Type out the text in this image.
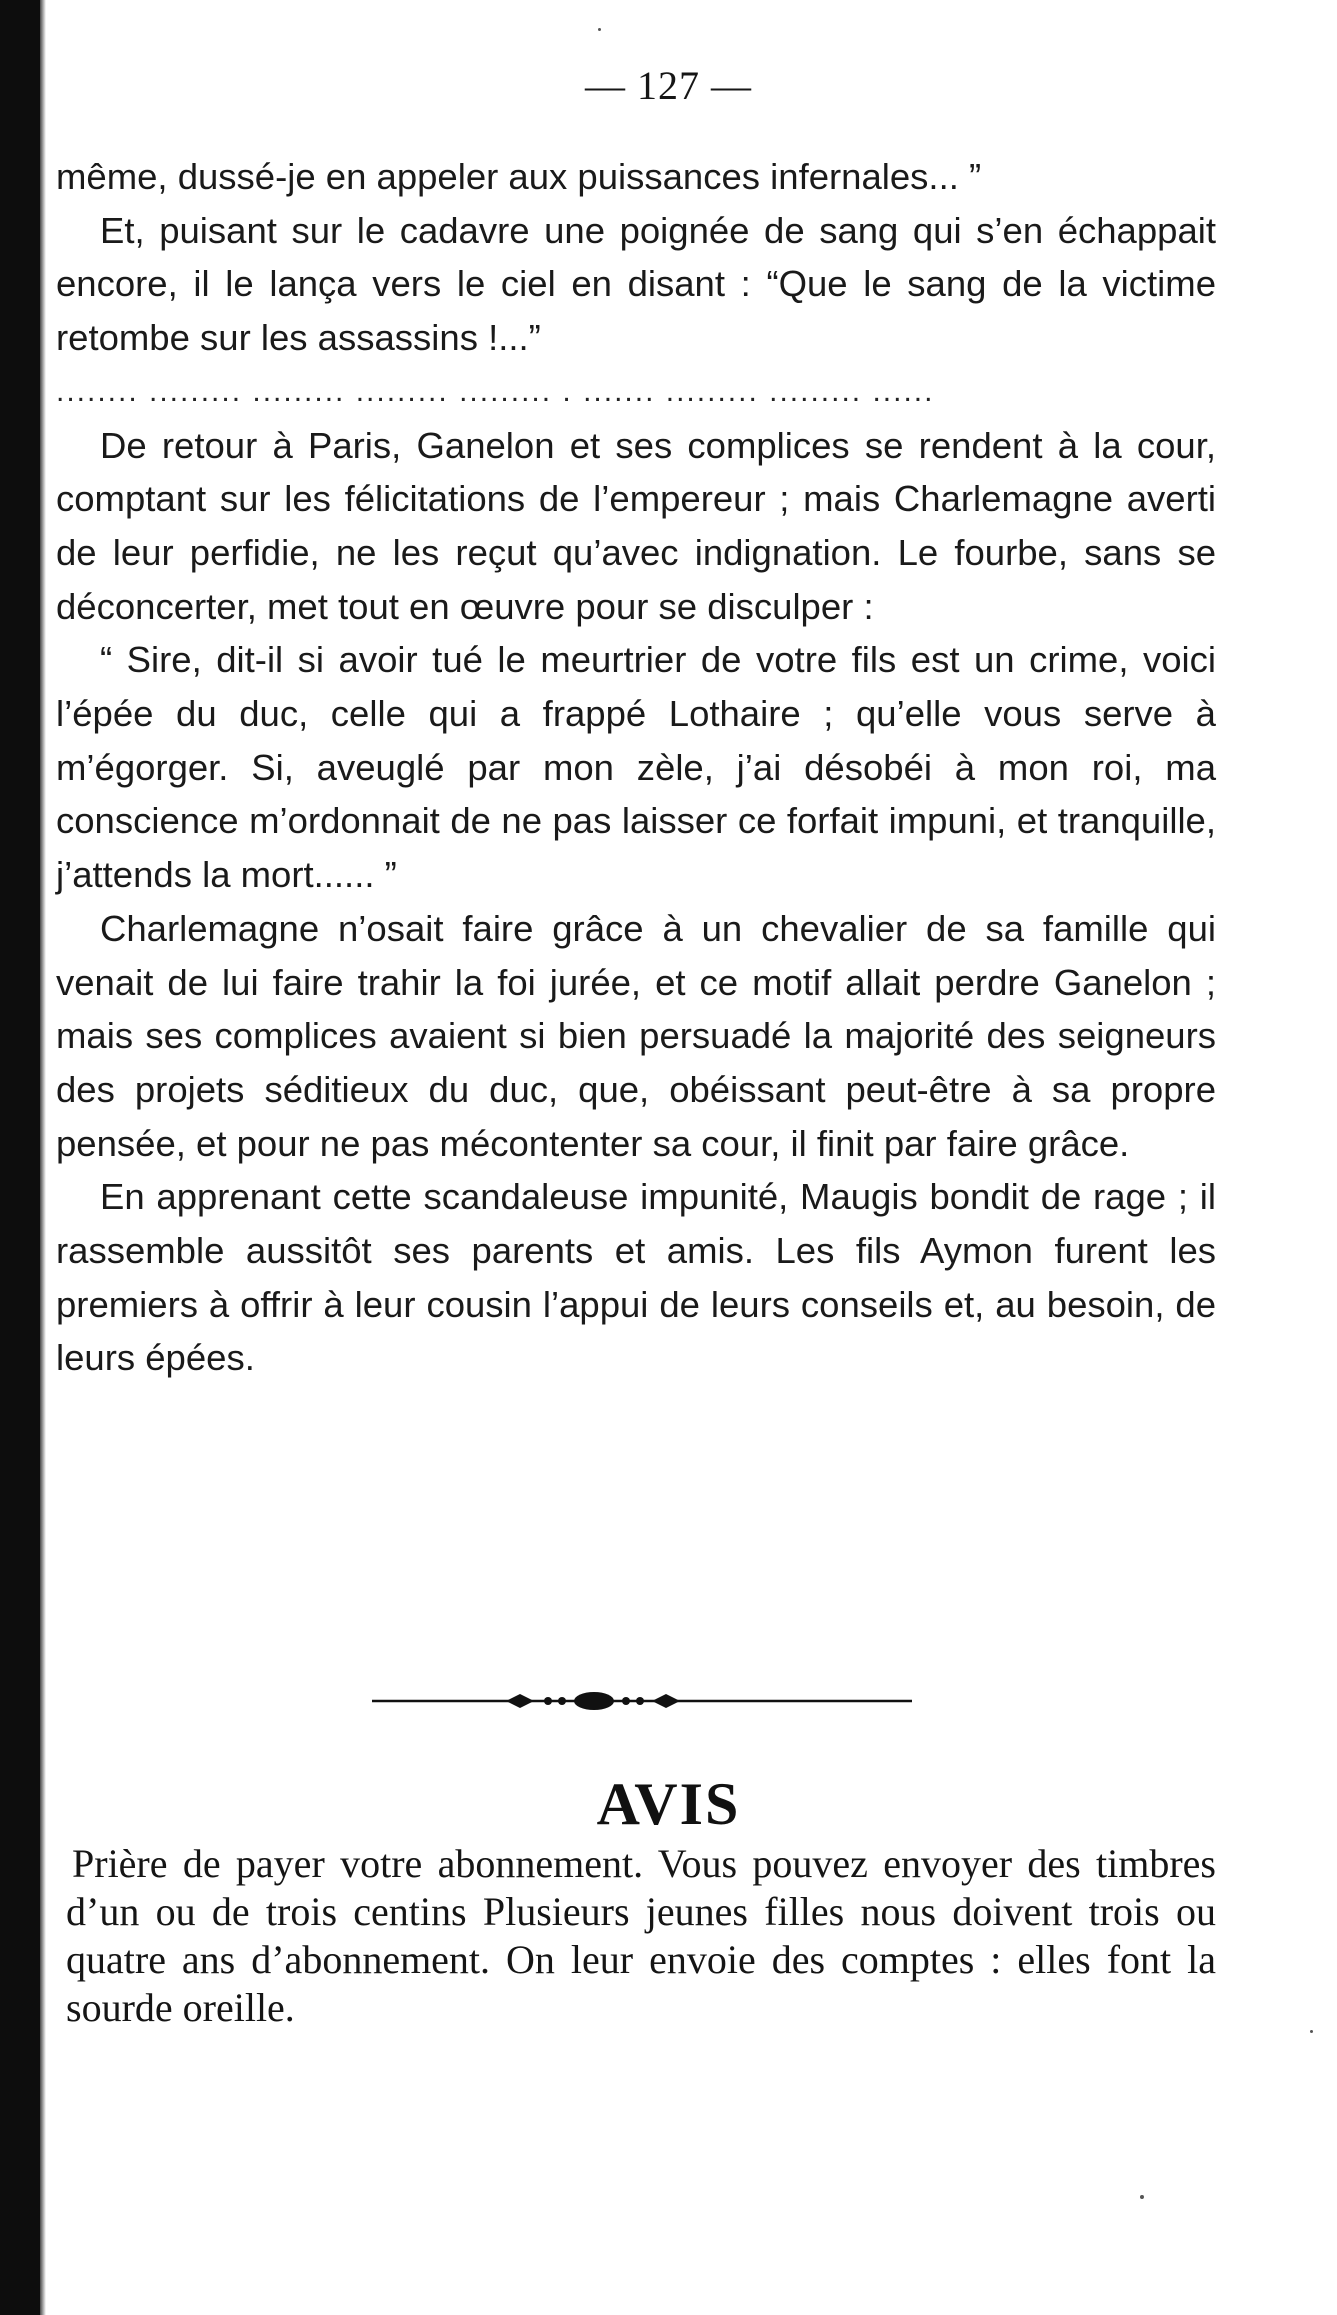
— 127 —

même, dussé-je en appeler aux puissances infernales... ”

Et, puisant sur le cadavre une poignée de sang qui s’en échappait encore, il le lança vers le ciel en disant : “Que le sang de la victime retombe sur les assassins !...”

........ ......... ......... ......... ......... . ....... ......... ......... ......

De retour à Paris, Ganelon et ses complices se rendent à la cour, comptant sur les félicitations de l’empereur ; mais Charlemagne averti de leur perfidie, ne les reçut qu’avec indignation. Le fourbe, sans se déconcerter, met tout en œuvre pour se disculper :

“ Sire, dit-il si avoir tué le meurtrier de votre fils est un crime, voici l’épée du duc, celle qui a frappé Lothaire ; qu’elle vous serve à m’égorger. Si, aveuglé par mon zèle, j’ai désobéi à mon roi, ma conscience m’ordonnait de ne pas laisser ce forfait impuni, et tranquille, j’attends la mort...... ”

Charlemagne n’osait faire grâce à un chevalier de sa famille qui venait de lui faire trahir la foi jurée, et ce motif allait perdre Ganelon ; mais ses complices avaient si bien persuadé la majorité des seigneurs des projets séditieux du duc, que, obéissant peut-être à sa propre pensée, et pour ne pas mécontenter sa cour, il finit par faire grâce.

En apprenant cette scandaleuse impunité, Maugis bondit de rage ; il rassemble aussitôt ses parents et amis. Les fils Aymon furent les premiers à offrir à leur cousin l’appui de leurs conseils et, au besoin, de leurs épées.

AVIS

Prière de payer votre abonnement. Vous pouvez envoyer des timbres d’un ou de trois centins Plusieurs jeunes filles nous doivent trois ou quatre ans d’abonnement. On leur envoie des comptes : elles font la sourde oreille.
